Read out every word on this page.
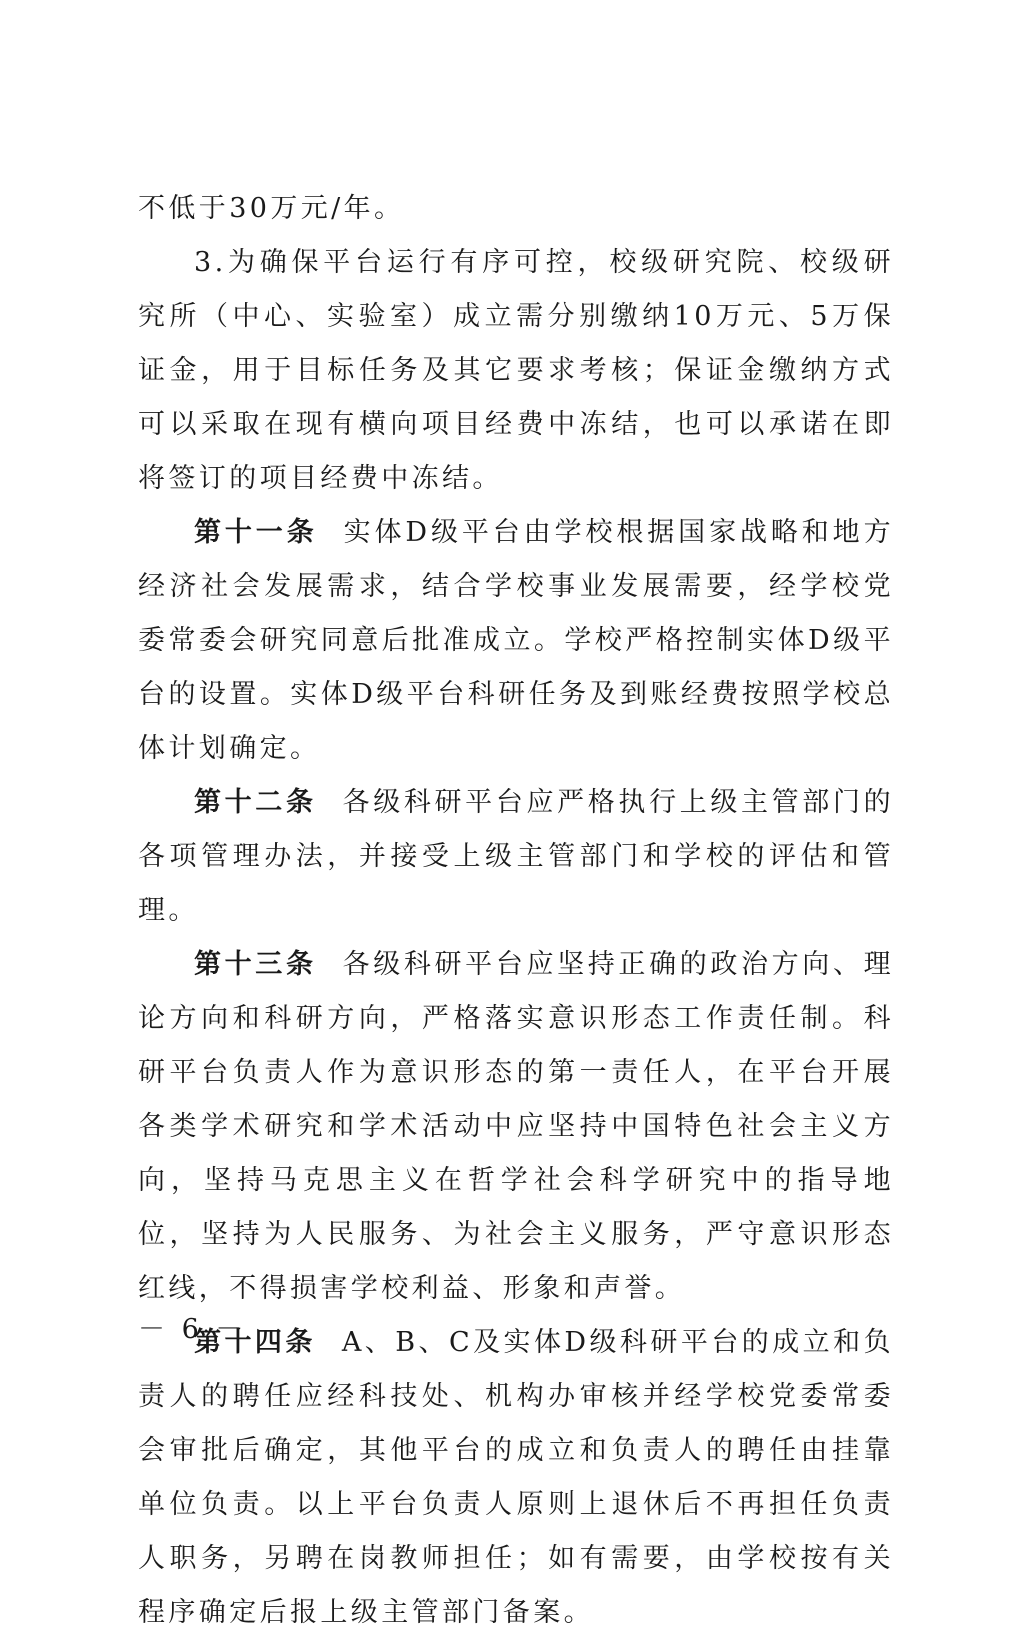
不低于30万元/年。

3.为确保平台运行有序可控，校级研究院、校级研究所（中心、实验室）成立需分别缴纳10万元、5万保证金，用于目标任务及其它要求考核；保证金缴纳方式可以采取在现有横向项目经费中冻结，也可以承诺在即将签订的项目经费中冻结。

第十一条 实体D级平台由学校根据国家战略和地方经济社会发展需求，结合学校事业发展需要，经学校党委常委会研究同意后批准成立。学校严格控制实体D级平台的设置。实体D级平台科研任务及到账经费按照学校总体计划确定。

第十二条 各级科研平台应严格执行上级主管部门的各项管理办法，并接受上级主管部门和学校的评估和管理。

第十三条 各级科研平台应坚持正确的政治方向、理论方向和科研方向，严格落实意识形态工作责任制。科研平台负责人作为意识形态的第一责任人，在平台开展各类学术研究和学术活动中应坚持中国特色社会主义方向，坚持马克思主义在哲学社会科学研究中的指导地位，坚持为人民服务、为社会主义服务，严守意识形态红线，不得损害学校利益、形象和声誉。

第十四条 A、B、C及实体D级科研平台的成立和负责人的聘任应经科技处、机构办审核并经学校党委常委会审批后确定，其他平台的成立和负责人的聘任由挂靠单位负责。以上平台负责人原则上退休后不再担任负责人职务，另聘在岗教师担任；如有需要，由学校按有关程序确定后报上级主管部门备案。

－ 6 －
